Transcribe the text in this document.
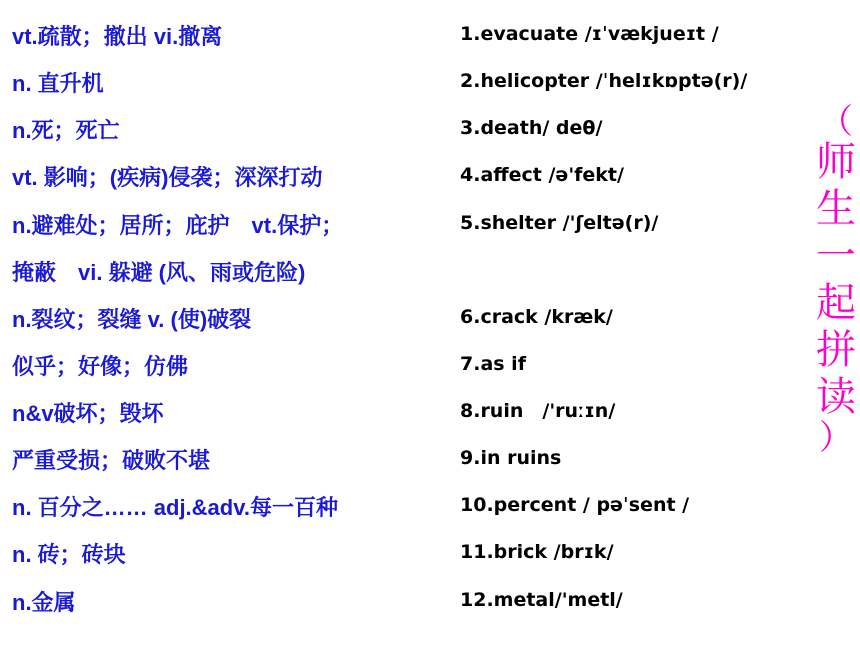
vt.疏散；撤出 vi.撤离
n. 直升机
n.死；死亡
vt. 影响；(疾病)侵袭；深深打动
n.避难处；居所；庇护　vt.保护；
掩蔽　vi. 躲避 (风、雨或危险)
n.裂纹；裂缝 v. (使)破裂
似乎；好像；仿佛
n&v破坏；毁坏
严重受损；破败不堪
n. 百分之…… adj.&adv.每一百种
n. 砖；砖块
n.金属
1.evacuate /ɪˈvækjueɪt /
2.helicopter /ˈhelɪkɒptə(r)/
3.death/ deθ/
4.affect /ə'fekt/
5.shelter /'ʃeltə(r)/
6.crack /kræk/
7.as if
8.ruin　/'ruːɪn/
9.in ruins
10.percent / pəˈsent /
11.brick /brɪk/
12.metal/'metl/
（
师
生
一
起
拼
读
）
